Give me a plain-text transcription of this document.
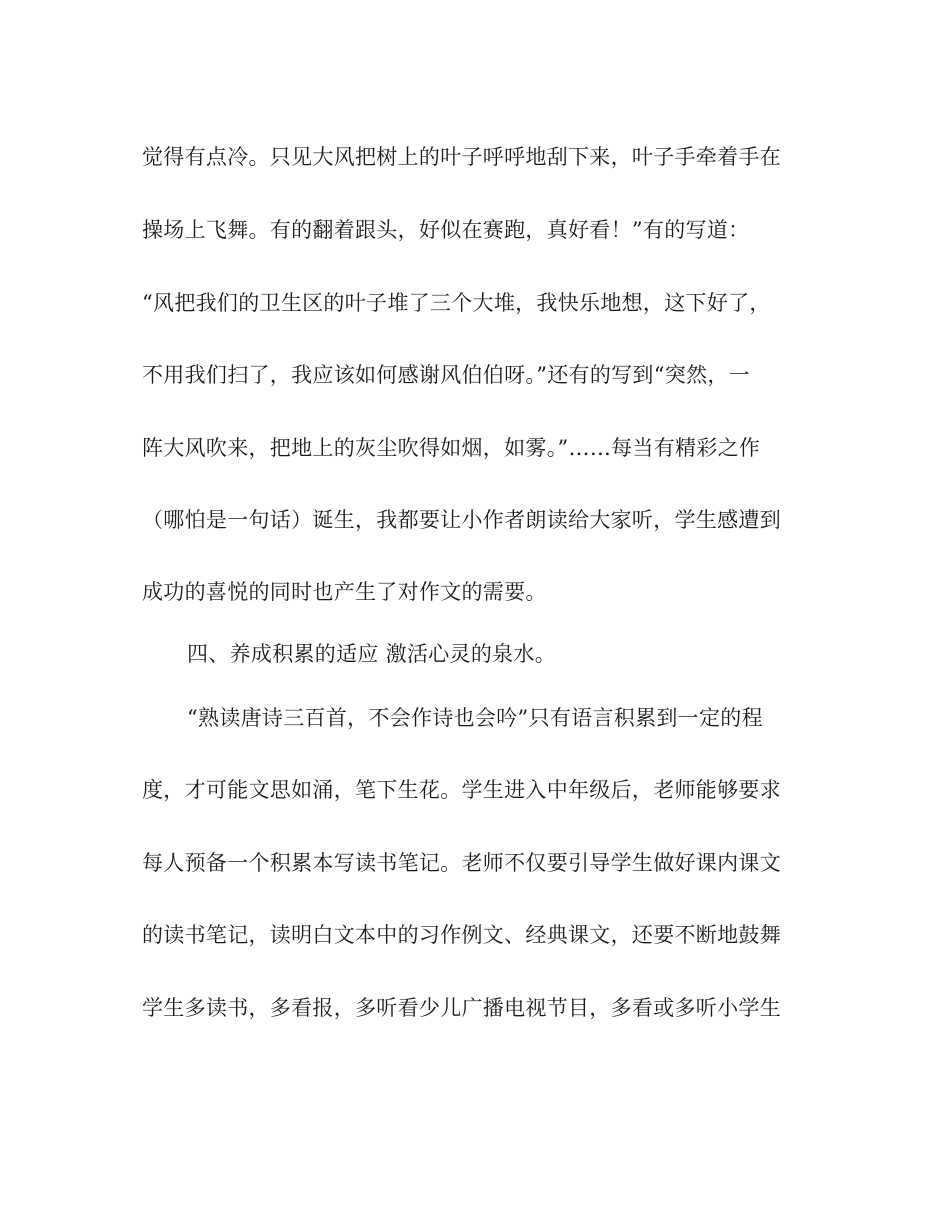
觉得有点冷。只见大风把树上的叶子呼呼地刮下来，叶子手牵着手在
操场上飞舞。有的翻着跟头，好似在赛跑，真好看！”有的写道：
“风把我们的卫生区的叶子堆了三个大堆，我快乐地想，这下好了，
不用我们扫了，我应该如何感谢风伯伯呀。”还有的写到“突然，一
阵大风吹来，把地上的灰尘吹得如烟，如雾。”……每当有精彩之作
（哪怕是一句话）诞生，我都要让小作者朗读给大家听，学生感遭到
成功的喜悦的同时也产生了对作文的需要。
四、养成积累的适应 激活心灵的泉水。
“熟读唐诗三百首，不会作诗也会吟”只有语言积累到一定的程
度，才可能文思如涌，笔下生花。学生进入中年级后，老师能够要求
每人预备一个积累本写读书笔记。老师不仅要引导学生做好课内课文
的读书笔记，读明白文本中的习作例文、经典课文，还要不断地鼓舞
学生多读书，多看报，多听看少儿广播电视节目，多看或多听小学生
